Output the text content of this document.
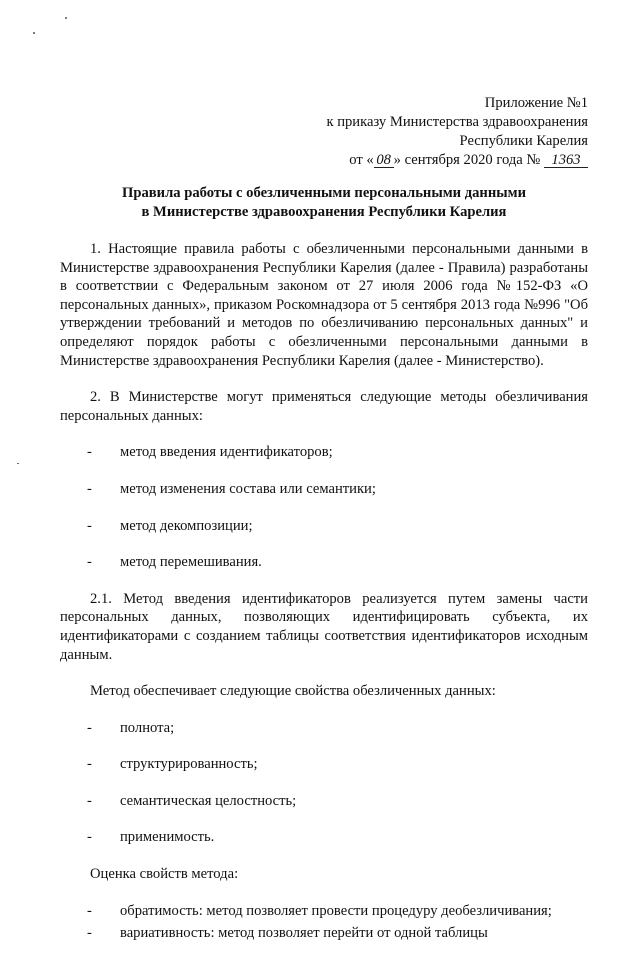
Приложение №1
к приказу Министерства здравоохранения
Республики Карелия
от « 08 » сентября 2020 года № 1363
Правила работы с обезличенными персональными данными
в Министерстве здравоохранения Республики Карелия

1. Настоящие правила работы с обезличенными персональными данными в Министерстве здравоохранения Республики Карелия (далее - Правила) разработаны в соответствии с Федеральным законом от 27 июля 2006 года №152-ФЗ «О персональных данных», приказом Роскомнадзора от 5 сентября 2013 года №996 "Об утверждении требований и методов по обезличиванию персональных данных" и определяют порядок работы с обезличенными персональными данными в Министерстве здравоохранения Республики Карелия (далее - Министерство).

2. В Министерстве могут применяться следующие методы обезличивания персональных данных:

- метод введения идентификаторов;
- метод изменения состава или семантики;
- метод декомпозиции;
- метод перемешивания.

2.1. Метод введения идентификаторов реализуется путем замены части персональных данных, позволяющих идентифицировать субъекта, их идентификаторами с созданием таблицы соответствия идентификаторов исходным данным.

Метод обеспечивает следующие свойства обезличенных данных:

- полнота;
- структурированность;
- семантическая целостность;
- применимость.

Оценка свойств метода:

- обратимость: метод позволяет провести процедуру деобезличивания;
- вариативность: метод позволяет перейти от одной таблицы
